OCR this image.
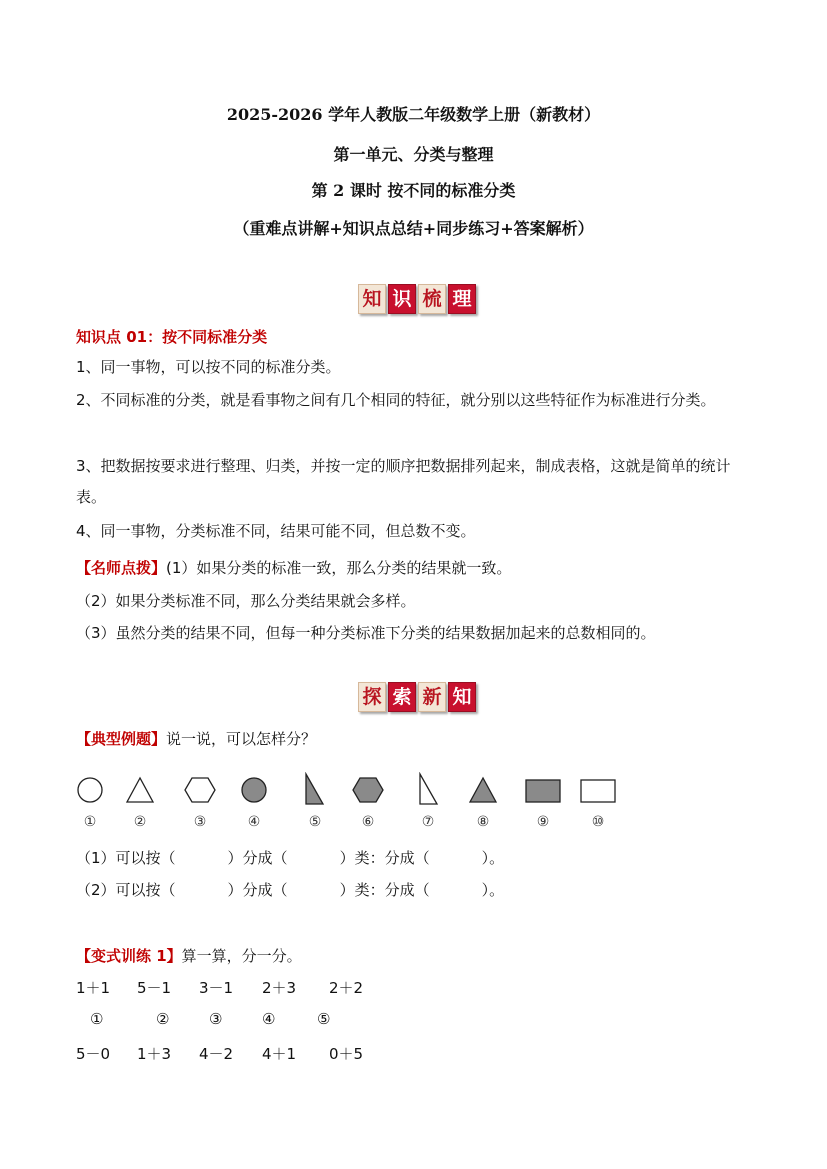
2025-2026 学年人教版二年级数学上册（新教材）
第一单元、分类与整理
第 2 课时 按不同的标准分类
（重难点讲解+知识点总结+同步练习+答案解析）
知 识 梳 理
知识点 01：按不同标准分类
1、同一事物，可以按不同的标准分类。
2、不同标准的分类，就是看事物之间有几个相同的特征，就分别以这些特征作为标准进行分类。
3、把数据按要求进行整理、归类，并按一定的顺序把数据排列起来，制成表格，这就是简单的统计表。
4、同一事物，分类标准不同，结果可能不同，但总数不变。
【名师点拨】(1）如果分类的标准一致，那么分类的结果就一致。
（2）如果分类标准不同，那么分类结果就会多样。
（3）虽然分类的结果不同，但每一种分类标准下分类的结果数据加起来的总数相同的。
探 索 新 知
【典型例题】说一说，可以怎样分？
①	②	③	④	⑤	⑥	⑦	⑧	⑨	⑩
（1）可以按（	）分成（	）类：分成（	）。
（2）可以按（	）分成（	）类：分成（	）。
【变式训练 1】算一算，分一分。
1＋1 5－1 3－1 2＋3 2＋2
①	②	③	④	⑤
5－0 1＋3 4－2 4＋1 0＋5
